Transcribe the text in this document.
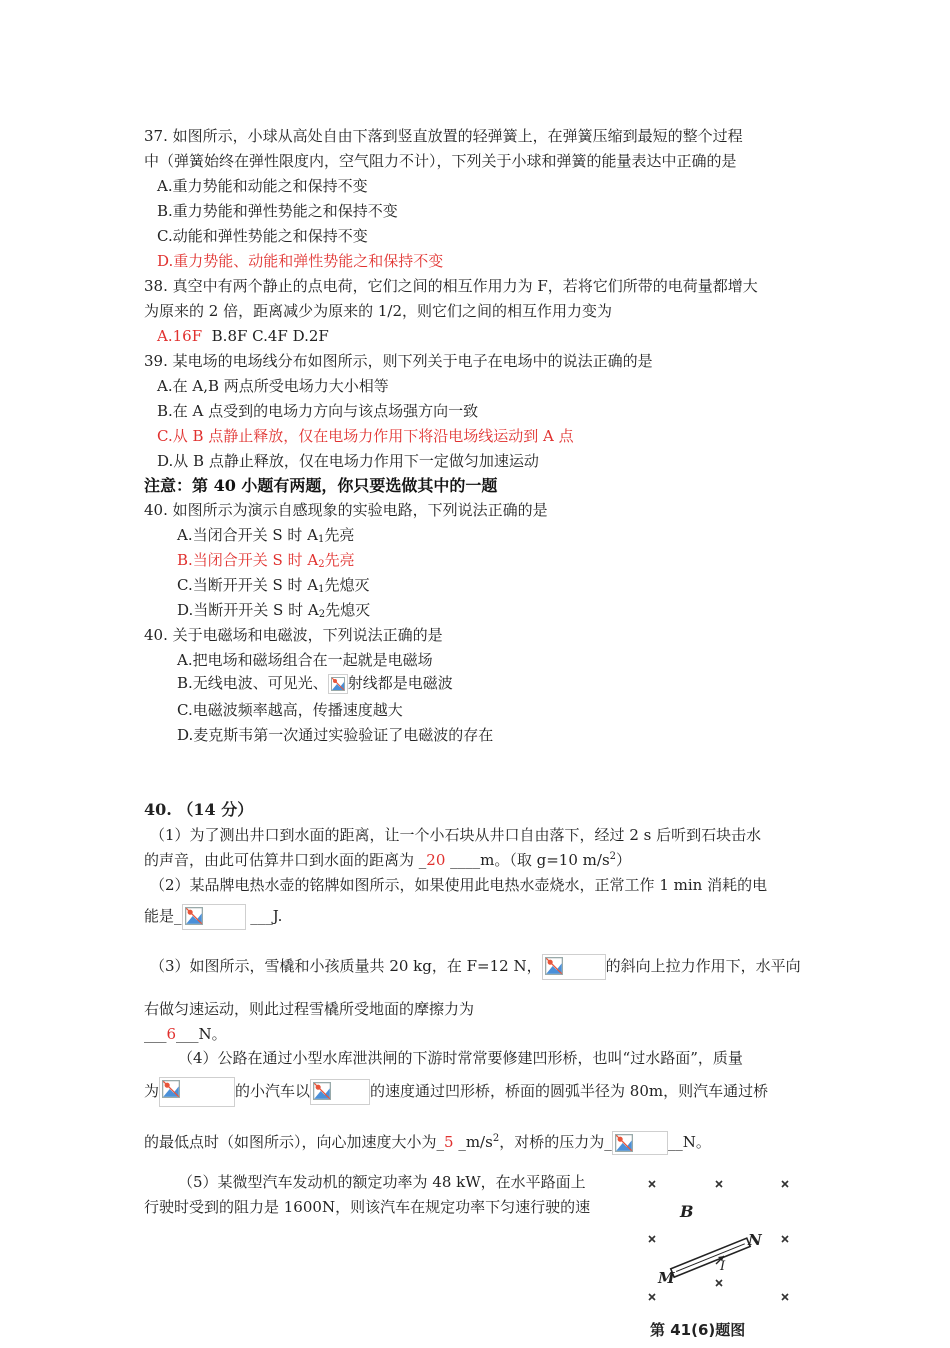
37. 如图所示，小球从高处自由下落到竖直放置的轻弹簧上，在弹簧压缩到最短的整个过程
中（弹簧始终在弹性限度内，空气阻力不计），下列关于小球和弹簧的能量表达中正确的是
A.重力势能和动能之和保持不变
B.重力势能和弹性势能之和保持不变
C.动能和弹性势能之和保持不变
D.重力势能、动能和弹性势能之和保持不变
38. 真空中有两个静止的点电荷，它们之间的相互作用力为 F，若将它们所带的电荷量都增大
为原来的 2 倍，距离减少为原来的 1/2，则它们之间的相互作用力变为
A.16F B.8F C.4F D.2F
39. 某电场的电场线分布如图所示，则下列关于电子在电场中的说法正确的是
A.在 A,B 两点所受电场力大小相等
B.在 A 点受到的电场力方向与该点场强方向一致
C.从 B 点静止释放，仅在电场力作用下将沿电场线运动到 A 点
D.从 B 点静止释放，仅在电场力作用下一定做匀加速运动
注意：第 40 小题有两题，你只要选做其中的一题
40. 如图所示为演示自感现象的实验电路，下列说法正确的是
A.当闭合开关 S 时 $A_1$先亮
B.当闭合开关 S 时 $A_2$先亮
C.当断开开关 S 时 $A_1$先熄灭
D.当断开开关 S 时 $A_2$先熄灭
40. 关于电磁场和电磁波，下列说法正确的是
A.把电场和磁场组合在一起就是电磁场
B.无线电波、可见光、 射线都是电磁波
C.电磁波频率越高，传播速度越大
D.麦克斯韦第一次通过实验验证了电磁波的存在
40. （14 分）
（1）为了测出井口到水面的距离，让一个小石块从井口自由落下，经过 2 s 后听到石块击水
的声音，由此可估算井口到水面的距离为 _20 ____m。（取 g=10 $m/s^2$）
（2）某品牌电热水壶的铭牌如图所示，如果使用此电热水壶烧水，正常工作 1 min 消耗的电
能是_	___J.
（3）如图所示，雪橇和小孩质量共 20 kg，在 F=12 N，	的斜向上拉力作用下，水平向
右做匀速运动，则此过程雪橇所受地面的摩擦力为
___6___N。
（4）公路在通过小型水库泄洪闸的下游时常常要修建凹形桥，也叫“过水路面”，质量
为	的小汽车以	的速度通过凹形桥，桥面的圆弧半径为 80m，则汽车通过桥
的最低点时（如图所示），向心加速度大小为_5 $\_m/s^2$，对桥的压力为_	__N。
（5）某微型汽车发动机的额定功率为 48 kW，在水平路面上
行驶时受到的阻力是 1600N，则该汽车在规定功率下匀速行驶的速	B
N
M
I
第 41(6)题图
